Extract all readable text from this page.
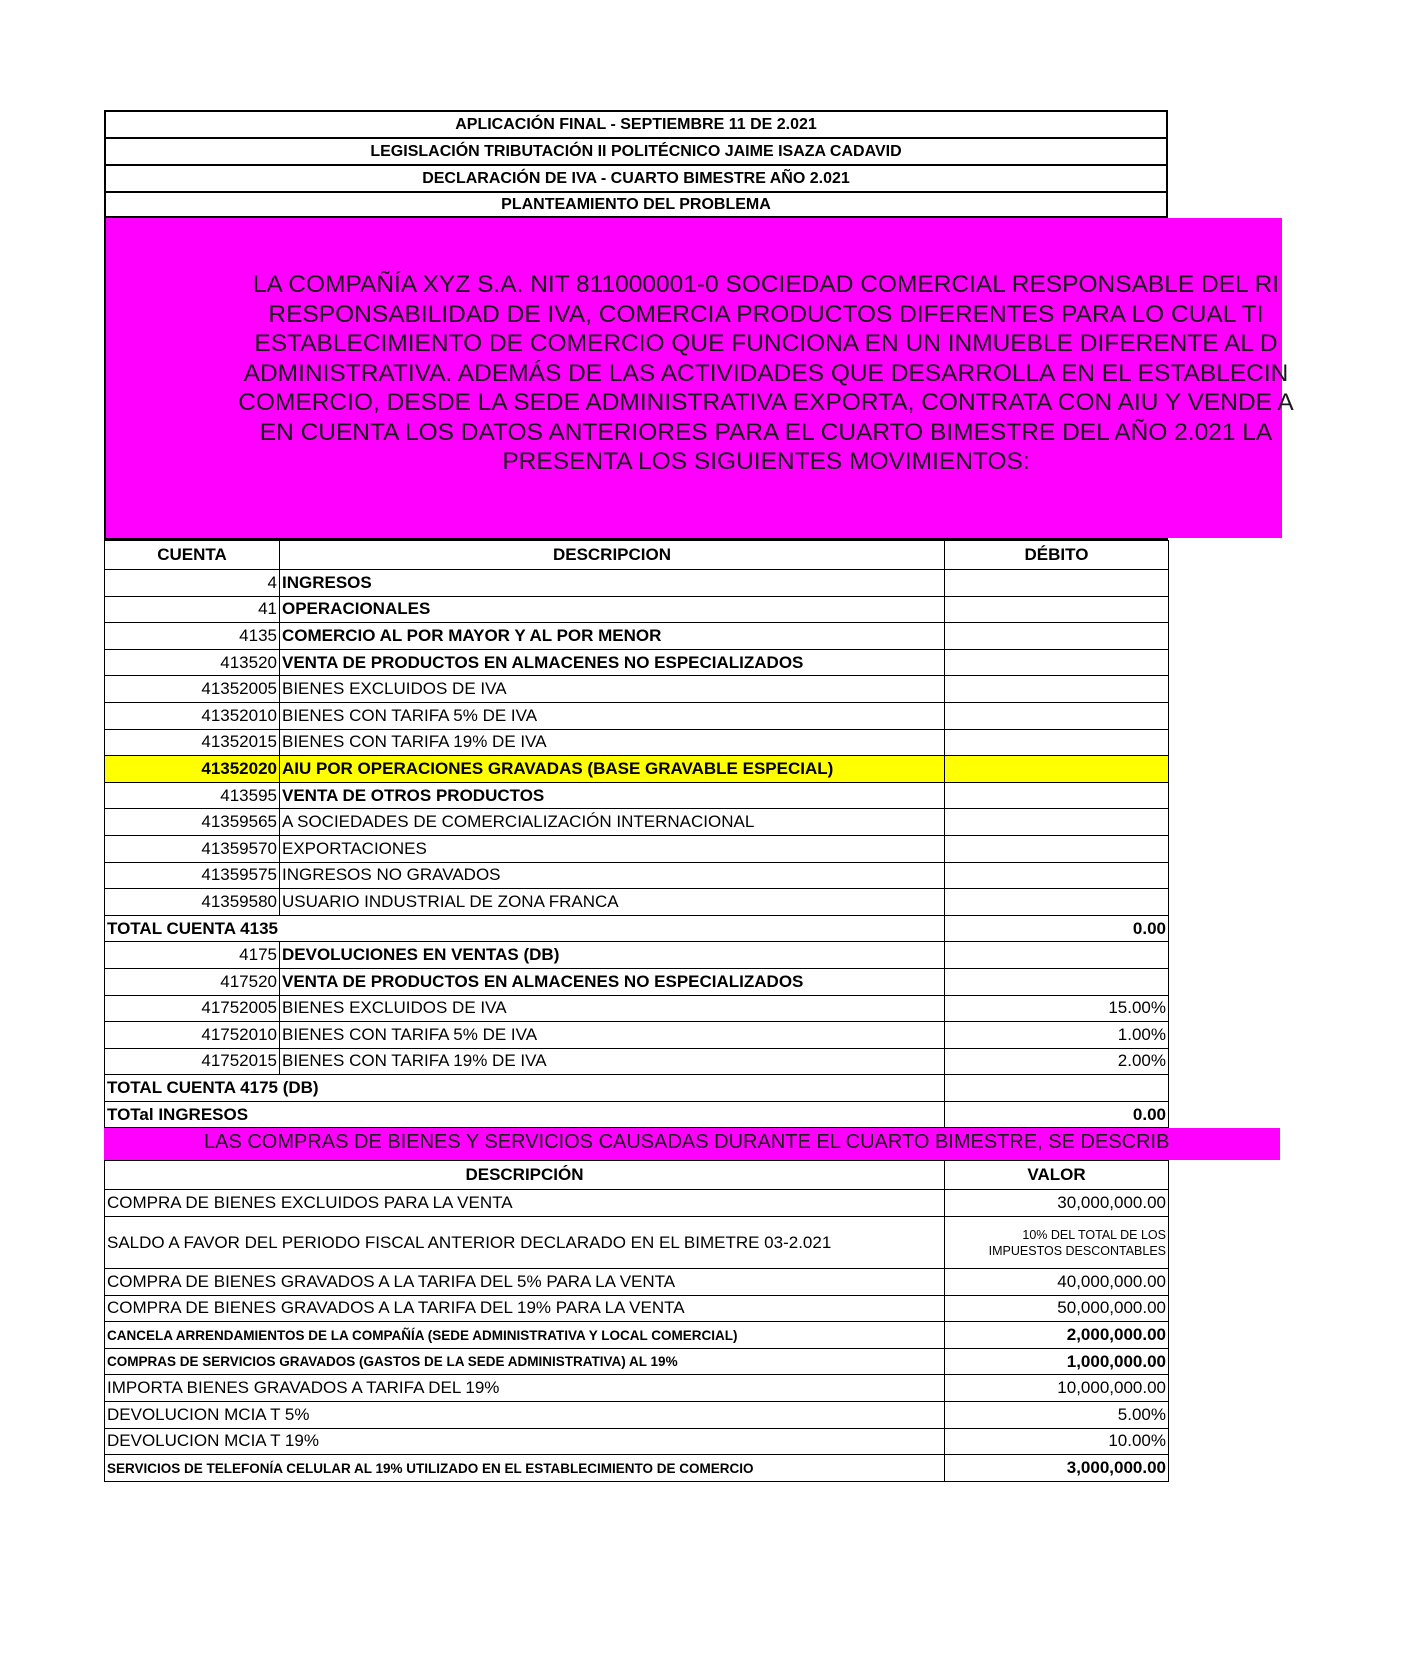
APLICACIÓN FINAL - SEPTIEMBRE 11 DE 2.021
LEGISLACIÓN TRIBUTACIÓN II POLITÉCNICO JAIME ISAZA CADAVID
DECLARACIÓN DE IVA - CUARTO BIMESTRE AÑO 2.021
PLANTEAMIENTO DEL PROBLEMA
LA COMPAÑÍA XYZ S.A. NIT 811000001-0 SOCIEDAD COMERCIAL RESPONSABLE DEL RI
RESPONSABILIDAD DE IVA, COMERCIA PRODUCTOS DIFERENTES PARA LO CUAL TI
ESTABLECIMIENTO DE COMERCIO QUE FUNCIONA EN UN INMUEBLE DIFERENTE AL D
ADMINISTRATIVA. ADEMÁS DE LAS ACTIVIDADES QUE DESARROLLA EN EL ESTABLECIN
COMERCIO, DESDE LA SEDE ADMINISTRATIVA EXPORTA, CONTRATA CON AIU Y VENDE A
EN CUENTA LOS DATOS ANTERIORES PARA EL CUARTO BIMESTRE DEL AÑO 2.021 LA
PRESENTA LOS SIGUIENTES MOVIMIENTOS:
CUENTA	DESCRIPCION	DÉBITO
4	INGRESOS	
41	OPERACIONALES	
4135	COMERCIO AL POR MAYOR Y AL POR MENOR	
413520	VENTA DE PRODUCTOS EN ALMACENES NO ESPECIALIZADOS	
41352005	BIENES EXCLUIDOS DE IVA	
41352010	BIENES CON TARIFA 5% DE IVA	
41352015	BIENES CON TARIFA 19% DE IVA	
41352020	AIU POR OPERACIONES GRAVADAS (BASE GRAVABLE ESPECIAL)	
413595	VENTA DE OTROS PRODUCTOS	
41359565	A SOCIEDADES DE COMERCIALIZACIÓN INTERNACIONAL	
41359570	EXPORTACIONES	
41359575	INGRESOS NO GRAVADOS	
41359580	USUARIO INDUSTRIAL DE ZONA FRANCA	
TOTAL CUENTA 4135		0.00
4175	DEVOLUCIONES EN VENTAS (DB)	
417520	VENTA DE PRODUCTOS EN ALMACENES NO ESPECIALIZADOS	
41752005	BIENES EXCLUIDOS DE IVA	15.00%
41752010	BIENES CON TARIFA 5% DE IVA	1.00%
41752015	BIENES CON TARIFA 19% DE IVA	2.00%
TOTAL CUENTA 4175 (DB)		
TOTal INGRESOS		0.00
LAS COMPRAS DE BIENES Y SERVICIOS CAUSADAS DURANTE EL CUARTO BIMESTRE, SE DESCRIB
DESCRIPCIÓN	VALOR
COMPRA DE BIENES EXCLUIDOS PARA LA VENTA	30,000,000.00
SALDO A FAVOR DEL PERIODO FISCAL ANTERIOR DECLARADO EN EL BIMETRE 03-2.021	10% DEL TOTAL DE LOS IMPUESTOS DESCONTABLES
COMPRA DE BIENES GRAVADOS A LA TARIFA DEL 5% PARA LA VENTA	40,000,000.00
COMPRA DE BIENES GRAVADOS A LA TARIFA DEL 19% PARA LA VENTA	50,000,000.00
CANCELA ARRENDAMIENTOS DE LA COMPAÑÍA (SEDE ADMINISTRATIVA Y LOCAL COMERCIAL)	2,000,000.00
COMPRAS DE SERVICIOS GRAVADOS (GASTOS DE LA SEDE ADMINISTRATIVA) AL 19%	1,000,000.00
IMPORTA BIENES GRAVADOS A TARIFA DEL 19%	10,000,000.00
DEVOLUCION MCIA T 5%	5.00%
DEVOLUCION MCIA T 19%	10.00%
SERVICIOS DE TELEFONÍA CELULAR AL 19% UTILIZADO EN EL ESTABLECIMIENTO DE COMERCIO	3,000,000.00
